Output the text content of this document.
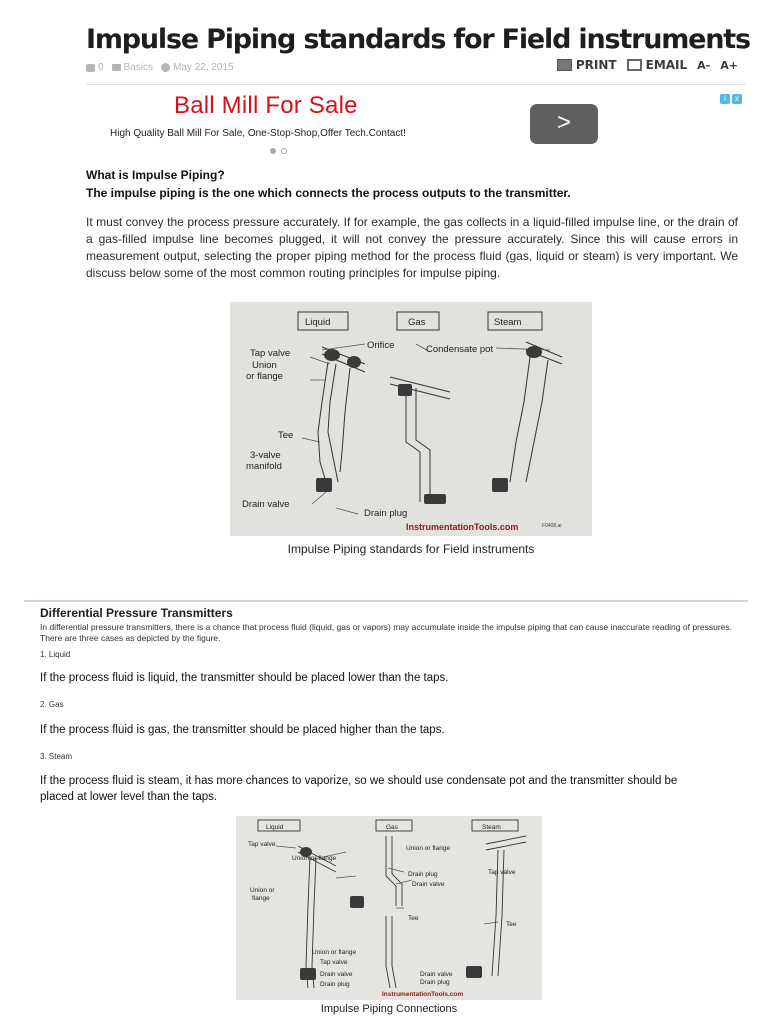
Impulse Piping standards for Field instruments
0 Basics May 22, 2015	PRINT EMAIL A- A+
Ball Mill For Sale
High Quality Ball Mill For Sale, One-Stop-Shop,Offer Tech.Contact!	>
i	x
What is Impulse Piping?
The impulse piping is the one which connects the process outputs to the transmitter.
It must convey the process pressure accurately. If for example, the gas collects in a liquid-filled impulse line, or the drain of a gas-filled impulse line becomes plugged, it will not convey the pressure accurately. Since this will cause errors in measurement output, selecting the proper piping method for the process fluid (gas, liquid or steam) is very important. We discuss below some of the most common routing principles for impulse piping.
Liquid	Gas	Steam
Orifice	Condensate pot
Tap valve
Union
or flange
Tee
3-valve
manifold
Drain valve
Drain plug
InstrumentationTools.com	F0408.ai
Impulse Piping standards for Field instruments
Differential Pressure Transmitters
In differential pressure transmitters, there is a chance that process fluid (liquid, gas or vapors) may accumulate inside the impulse piping that can cause inaccurate reading of pressures. There are three cases as depicted by the figure.
1. Liquid
If the process fluid is liquid, the transmitter should be placed lower than the taps.
2. Gas
If the process fluid is gas, the transmitter should be placed higher than the taps.
3. Steam
If the process fluid is steam, it has more chances to vaporize, so we should use condensate pot and the transmitter should be placed at lower level than the taps.
Liquid	Gas	Steam
Tap valve
Union or flange
Drain plug
Drain valve
Tee
Union or
flange
Union or flange
Tap valve
Union or flange
Tap valve
Drain valve
Drain plug
Drain valve
Drain plug
Tee
InstrumentationTools.com
Impulse Piping Connections
